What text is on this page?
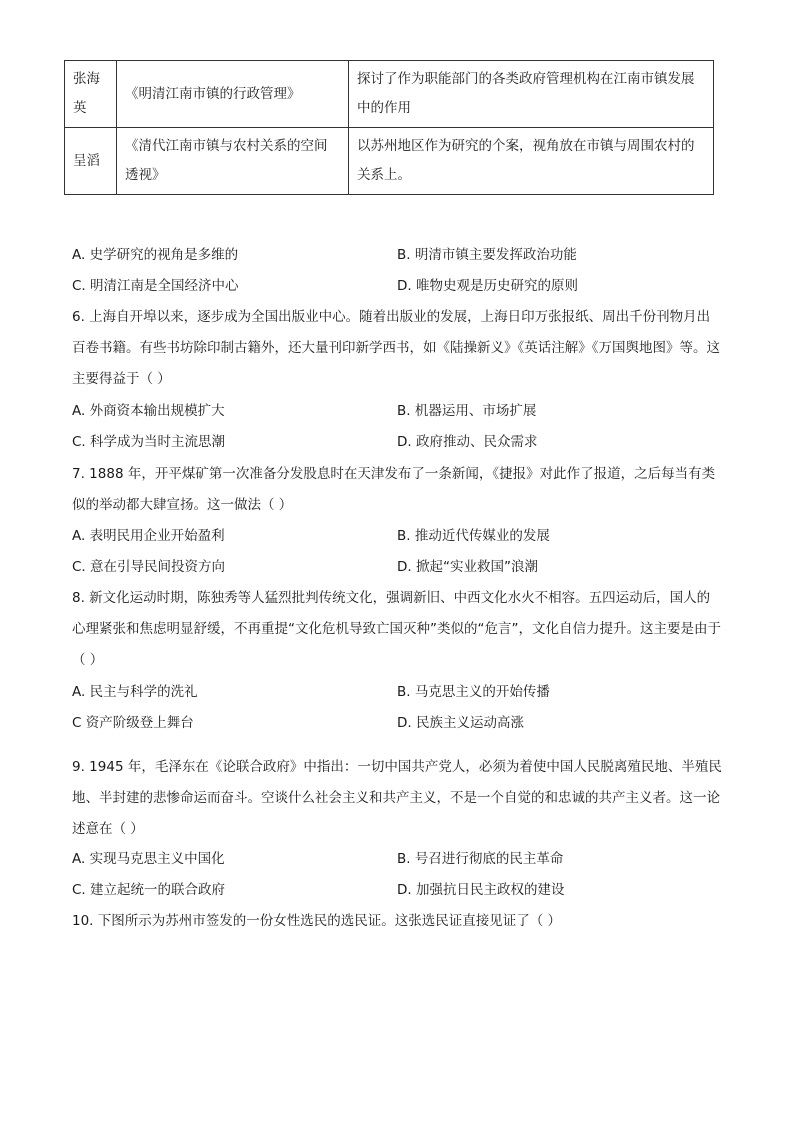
张海英	《明清江南市镇的行政管理》	探讨了作为职能部门的各类政府管理机构在江南市镇发展中的作用
呈滔	《清代江南市镇与农村关系的空间透视》	以苏州地区作为研究的个案，视角放在市镇与周围农村的关系上。
A. 史学研究的视角是多维的	B. 明清市镇主要发挥政治功能
C. 明清江南是全国经济中心	D. 唯物史观是历史研究的原则
6. 上海自开埠以来，逐步成为全国出版业中心。随着出版业的发展，上海日印万张报纸、周出千份刊物月出百卷书籍。有些书坊除印制古籍外，还大量刊印新学西书，如《陆操新义》《英话注解》《万国舆地图》等。这主要得益于（ ）
A. 外商资本输出规模扩大	B. 机器运用、市场扩展
C. 科学成为当时主流思潮	D. 政府推动、民众需求
7. 1888 年，开平煤矿第一次准备分发股息时在天津发布了一条新闻，《捷报》对此作了报道，之后每当有类似的举动都大肆宣扬。这一做法（ ）
A. 表明民用企业开始盈利	B. 推动近代传媒业的发展
C. 意在引导民间投资方向	D. 掀起“实业救国”浪潮
8. 新文化运动时期，陈独秀等人猛烈批判传统文化，强调新旧、中西文化水火不相容。五四运动后，国人的心理紧张和焦虑明显舒缓，不再重提“文化危机导致亡国灭种”类似的“危言”，文化自信力提升。这主要是由于（ ）
A. 民主与科学的洗礼	B. 马克思主义的开始传播
C 资产阶级登上舞台	D. 民族主义运动高涨
9. 1945 年，毛泽东在《论联合政府》中指出：一切中国共产党人，必须为着使中国人民脱离殖民地、半殖民地、半封建的悲惨命运而奋斗。空谈什么社会主义和共产主义，不是一个自觉的和忠诚的共产主义者。这一论述意在（ ）
A. 实现马克思主义中国化	B. 号召进行彻底的民主革命
C. 建立起统一的联合政府	D. 加强抗日民主政权的建设
10. 下图所示为苏州市签发的一份女性选民的选民证。这张选民证直接见证了（ ）
